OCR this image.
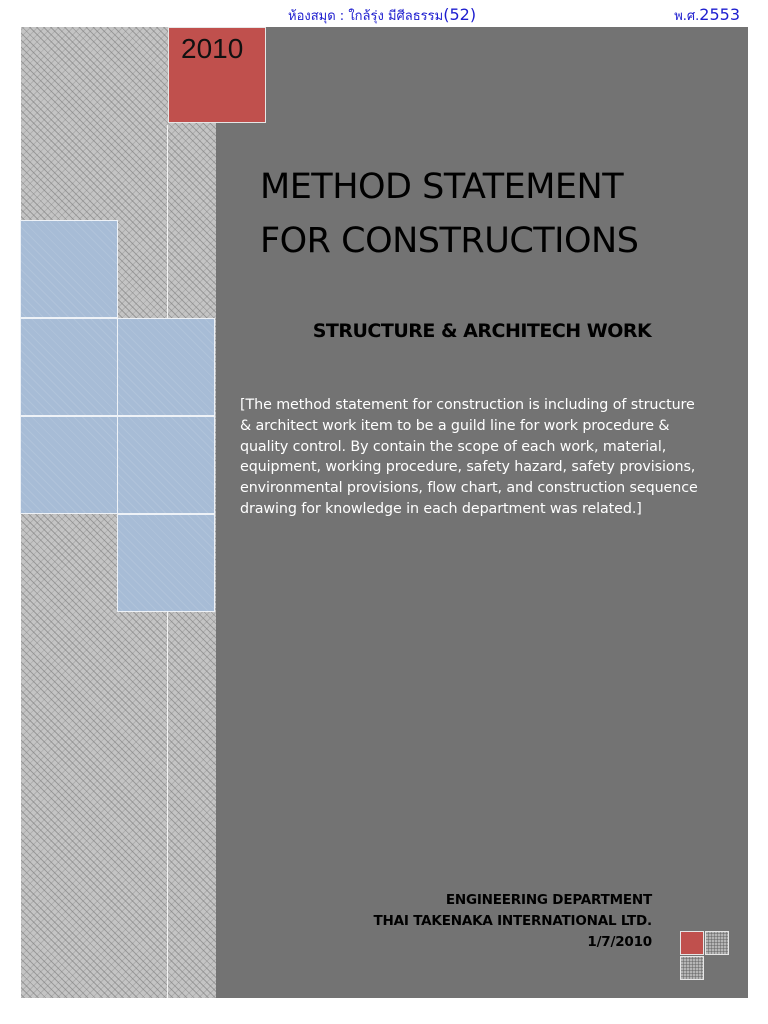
ห้องสมุด : ใกล้รุ่ง มีศีลธรรม(52)	พ.ศ.2553
2010
METHOD STATEMENT
FOR CONSTRUCTIONS
STRUCTURE & ARCHITECH WORK

[The method statement for construction is including of structure & architect work item to be a guild line for work procedure & quality control. By contain the scope of each work, material, equipment, working procedure, safety hazard, safety provisions, environmental provisions, flow chart, and construction sequence drawing for knowledge in each department was related.]

ENGINEERING DEPARTMENT
THAI TAKENAKA INTERNATIONAL LTD.
1/7/2010
